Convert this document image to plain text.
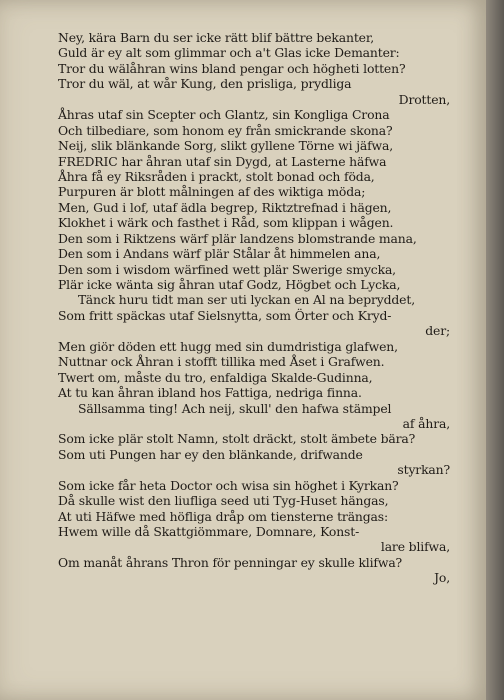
Ney, kära Barn du ser icke rätt blif bättre bekanter,
Guld är ey alt som glimmar och a't Glas icke Demanter:
Tror du wälåhran wins bland pengar och högheti lotten?
Tror du wäl, at wår Kung, den prisliga, prydliga
Drotten,
Åhras utaf sin Scepter och Glantz, sin Kongliga Crona
Och tilbediare, som honom ey från smickrande skona?
Neij, slik blänkande Sorg, slikt gyllene Törne wi jäfwa,
FREDRIC har åhran utaf sin Dygd, at Lasterne häfwa
Åhra få ey Riksråden i prackt, stolt bonad och föda,
Purpuren är blott målningen af des wiktiga möda;
Men, Gud i lof, utaf ädla begrep, Riktztrefnad i hägen,
Klokhet i wärk och fasthet i Råd, som klippan i wågen.
Den som i Riktzens wärf plär landzens blomstrande mana,
Den som i Andans wärf plär Stålar åt himmelen ana,
Den som i wisdom wärfined wett plär Swerige smycka,
Plär icke wänta sig åhran utaf Godz, Högbet och Lycka,
Tänck huru tidt man ser uti lyckan en Al na bepryddet,
Som fritt späckas utaf Sielsnytta, som Örter och Kryd-
der;
Men giör döden ett hugg med sin dumdristiga glafwen,
Nuttnar ock Åhran i stofft tillika med Åset i Grafwen.
Twert om, måste du tro, enfaldiga Skalde-Gudinna,
At tu kan åhran ibland hos Fattiga, nedriga finna.
Sällsamma ting! Ach neij, skull' den hafwa stämpel
af åhra,
Som icke plär stolt Namn, stolt dräckt, stolt ämbete bära?
Som uti Pungen har ey den blänkande, drifwande
styrkan?
Som icke får heta Doctor och wisa sin höghet i Kyrkan?
Då skulle wist den liufliga seed uti Tyg-Huset hängas,
At uti Häfwe med höfliga dråp om tiensterne trängas:
Hwem wille då Skattgiömmare, Domnare, Konst-
lare blifwa,
Om manåt åhrans Thron för penningar ey skulle klifwa?
Jo,
